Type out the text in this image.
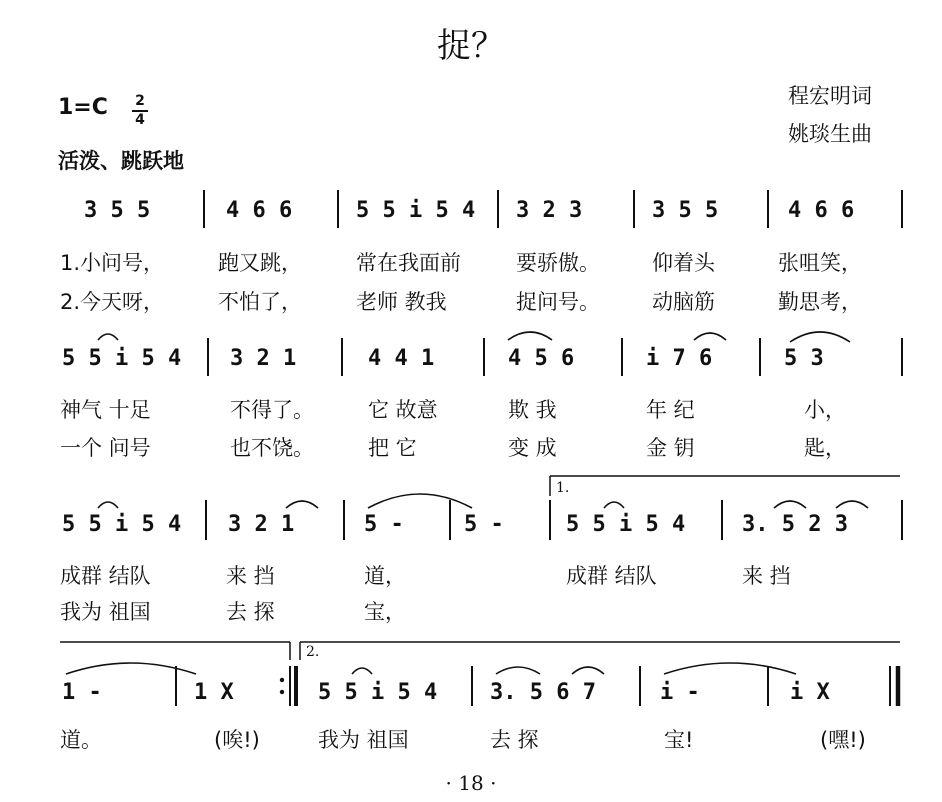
捉？
程宏明词
姚琰生曲
1=C	2
4
活泼、跳跃地
3 5 5	4 6 6	5 5 i 5 4 3 2 3	3 5 5	4 6 6
1.小问号，	跑又跳，	常在我面前	要骄傲。 仰着头	张咀笑，
2.今天呀，	不怕了，	老师 教我	捉问号。 动脑筋	勤思考，
5 5 i 5 4 3 2 1	4 4 1	4 5 6	i 7 6	5 3
神气 十足	不得了。	它 故意	欺 我	年 纪	小，
一个 问号	也不饶。	把 它	变 成	金 钥	匙，
1.
5 5 i 5 4 3 2 1	5 -	5 -	5 5 i 5 4	3. 5 2 3
成群 结队	来 挡	道，	成群 结队	来 挡
我为 祖国	去 探	宝，
2.
1 -	1 X	5 5 i 5 4 3. 5 6 7	i -	i X
道。	(唉!)	我为 祖国	去 探	宝!	(嘿!)
· 18 ·
